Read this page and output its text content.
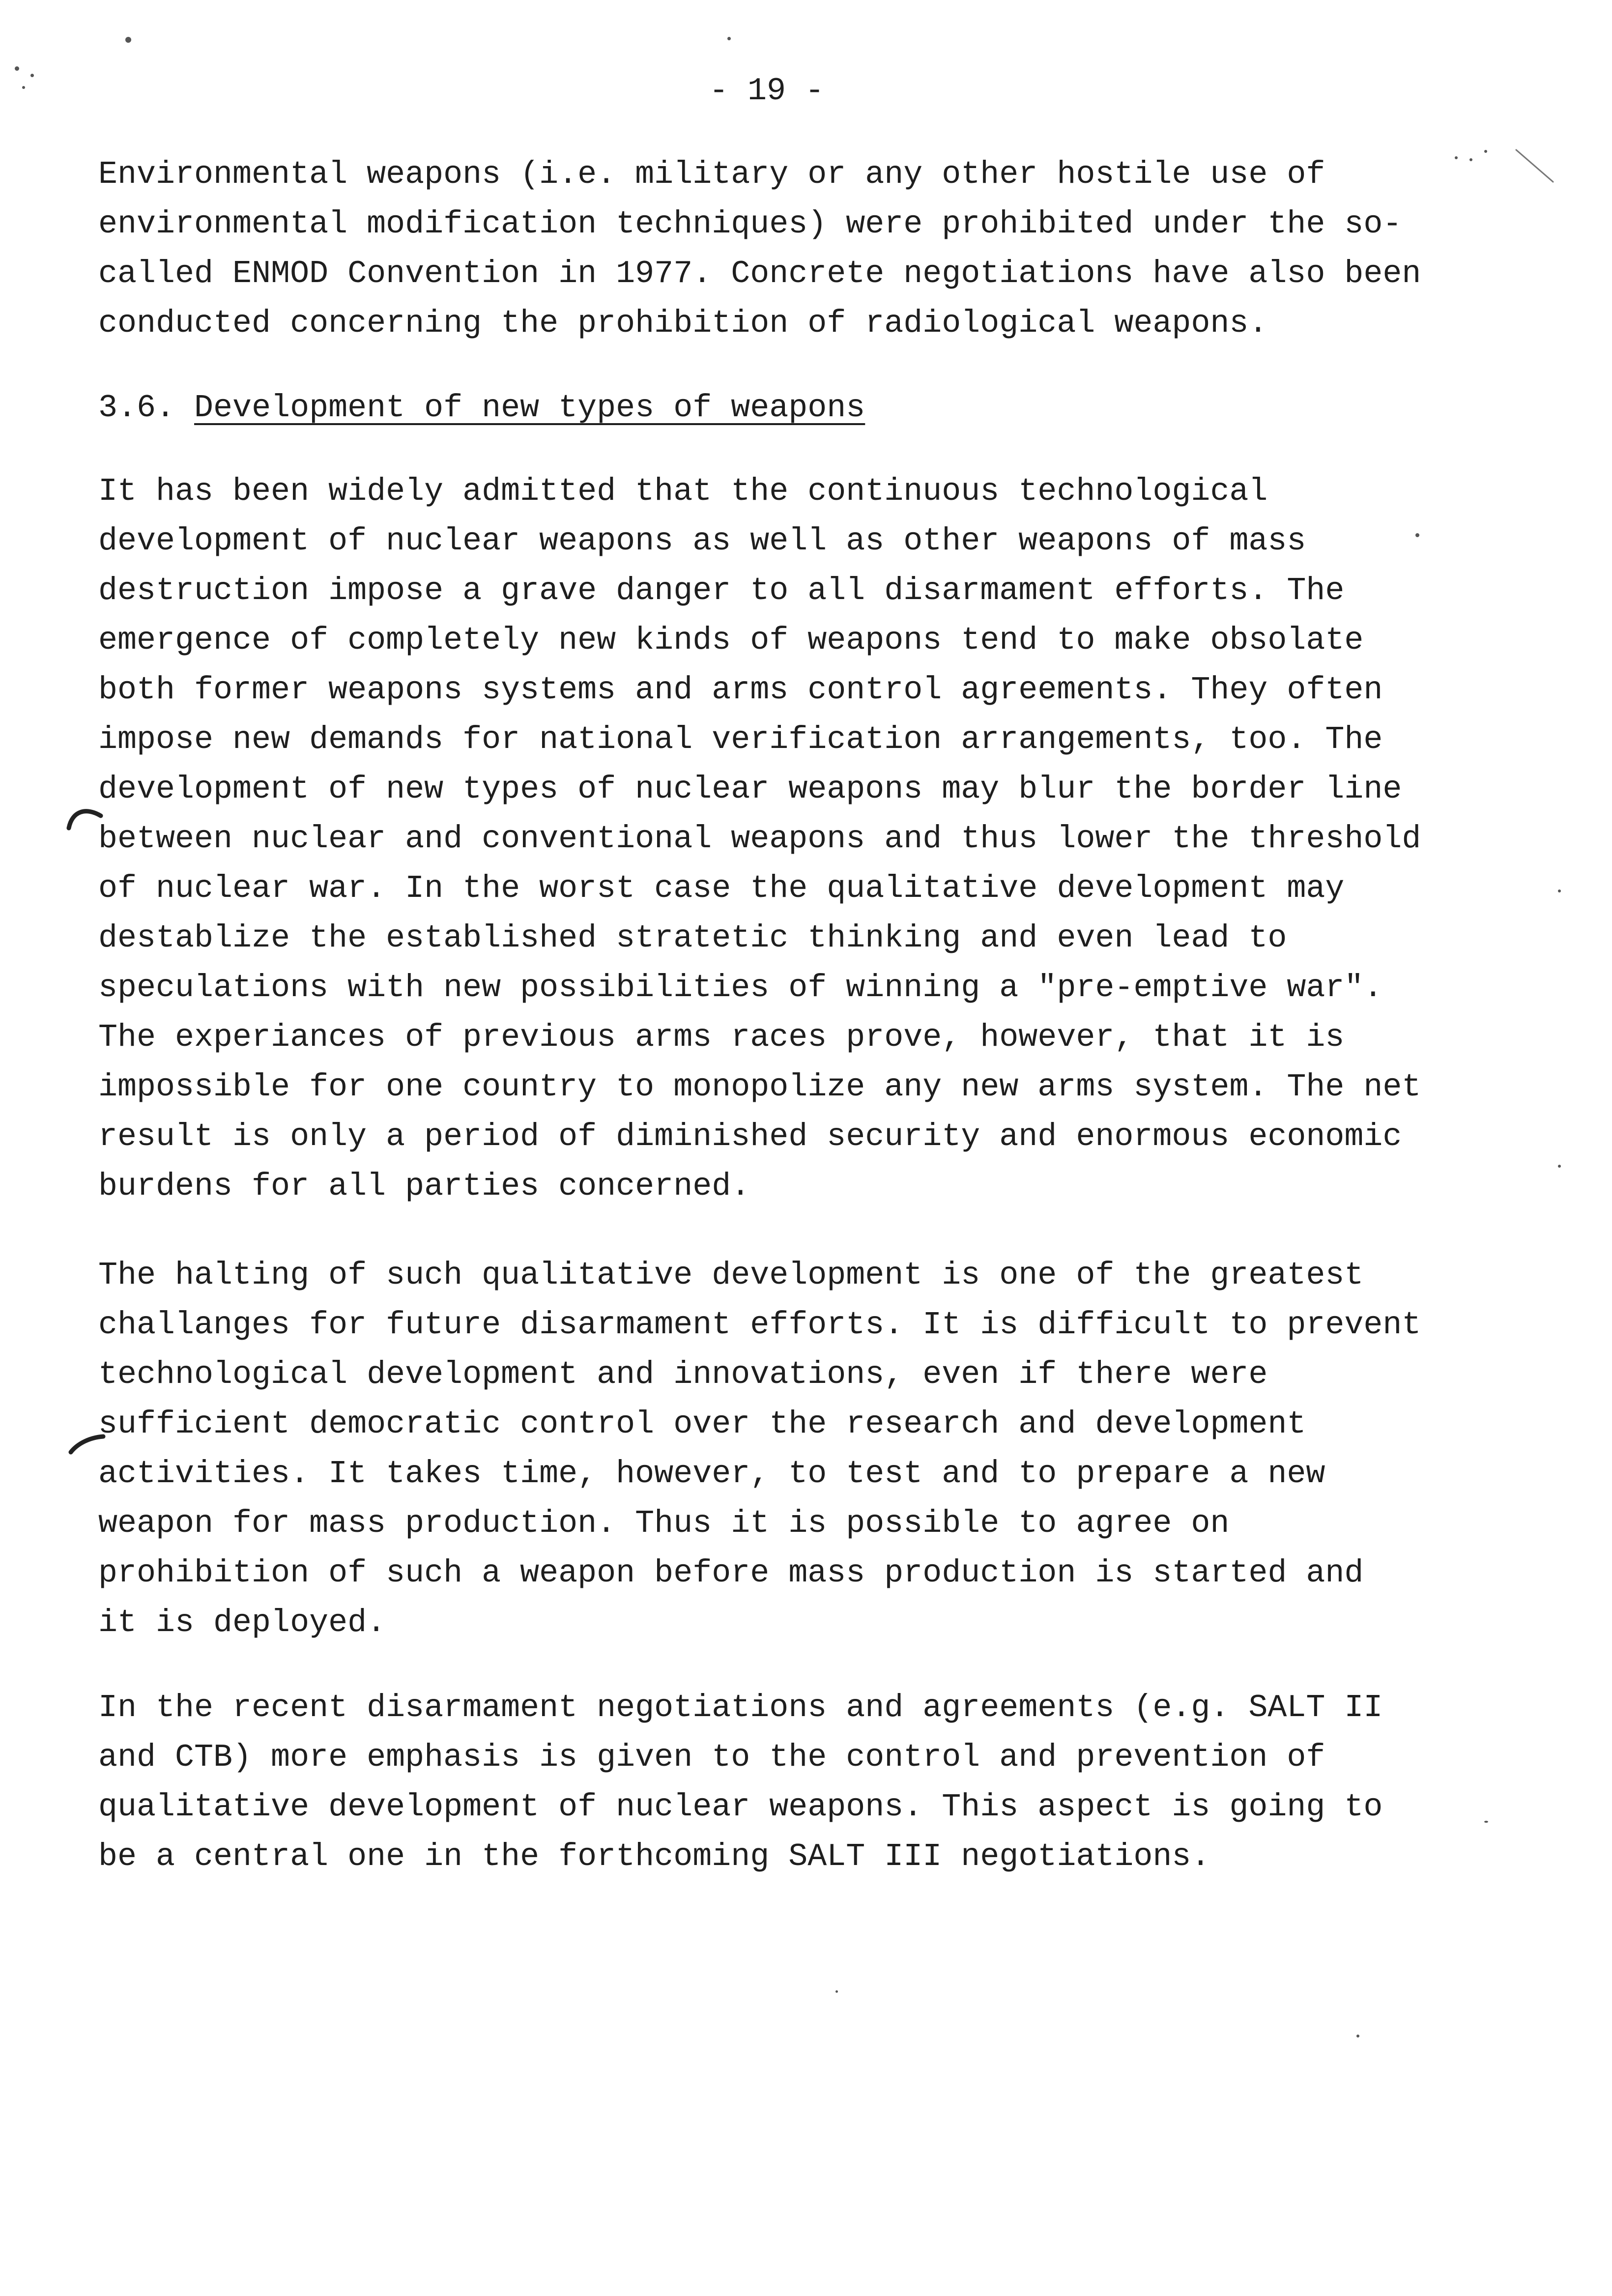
- 19 -
Environmental weapons (i.e. military or any other hostile use of
environmental modification techniques) were prohibited under the so-
called ENMOD Convention in 1977. Concrete negotiations have also been
conducted concerning the prohibition of radiological weapons.
3.6. Development of new types of weapons
It has been widely admitted that the continuous technological
development of nuclear weapons as well as other weapons of mass
destruction impose a grave danger to all disarmament efforts. The
emergence of completely new kinds of weapons tend to make obsolate
both former weapons systems and arms control agreements. They often
impose new demands for national verification arrangements, too. The
development of new types of nuclear weapons may blur the border line
between nuclear and conventional weapons and thus lower the threshold
of nuclear war. In the worst case the qualitative development may
destablize the established stratetic thinking and even lead to
speculations with new possibilities of winning a "pre-emptive war".
The experiances of previous arms races prove, however, that it is
impossible for one country to monopolize any new arms system. The net
result is only a period of diminished security and enormous economic
burdens for all parties concerned.
The halting of such qualitative development is one of the greatest
challanges for future disarmament efforts. It is difficult to prevent
technological development and innovations, even if there were
sufficient democratic control over the research and development
activities. It takes time, however, to test and to prepare a new
weapon for mass production. Thus it is possible to agree on
prohibition of such a weapon before mass production is started and
it is deployed.
In the recent disarmament negotiations and agreements (e.g. SALT II
and CTB) more emphasis is given to the control and prevention of
qualitative development of nuclear weapons. This aspect is going to
be a central one in the forthcoming SALT III negotiations.
